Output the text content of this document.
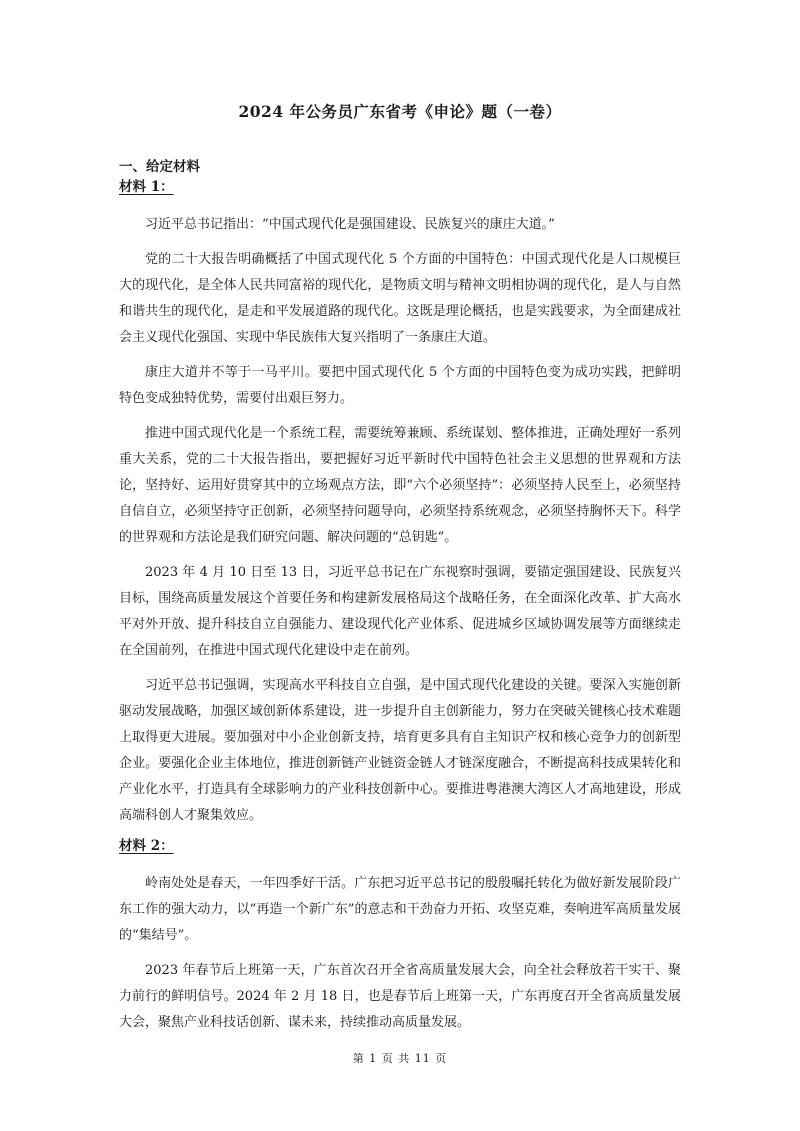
2024 年公务员广东省考《申论》题（一卷）

一、给定材料

材料 1：

习近平总书记指出：“中国式现代化是强国建设、民族复兴的康庄大道。”

党的二十大报告明确概括了中国式现代化 5 个方面的中国特色：中国式现代化是人口规模巨大的现代化，是全体人民共同富裕的现代化，是物质文明与精神文明相协调的现代化，是人与自然和谐共生的现代化，是走和平发展道路的现代化。这既是理论概括，也是实践要求，为全面建成社会主义现代化强国、实现中华民族伟大复兴指明了一条康庄大道。

康庄大道并不等于一马平川。要把中国式现代化 5 个方面的中国特色变为成功实践，把鲜明特色变成独特优势，需要付出艰巨努力。

推进中国式现代化是一个系统工程，需要统筹兼顾、系统谋划、整体推进，正确处理好一系列重大关系，党的二十大报告指出，要把握好习近平新时代中国特色社会主义思想的世界观和方法论，坚持好、运用好贯穿其中的立场观点方法，即“六个必须坚持”：必须坚持人民至上，必须坚持自信自立，必须坚持守正创新，必须坚持问题导向，必须坚持系统观念，必须坚持胸怀天下。科学的世界观和方法论是我们研究问题、解决问题的“总钥匙”。

2023 年 4 月 10 日至 13 日，习近平总书记在广东视察时强调，要锚定强国建设、民族复兴目标，围绕高质量发展这个首要任务和构建新发展格局这个战略任务，在全面深化改革、扩大高水平对外开放、提升科技自立自强能力、建设现代化产业体系、促进城乡区域协调发展等方面继续走在全国前列，在推进中国式现代化建设中走在前列。

习近平总书记强调，实现高水平科技自立自强，是中国式现代化建设的关键。要深入实施创新驱动发展战略，加强区域创新体系建设，进一步提升自主创新能力，努力在突破关键核心技术难题上取得更大进展。要加强对中小企业创新支持，培育更多具有自主知识产权和核心竞争力的创新型企业。要强化企业主体地位，推进创新链产业链资金链人才链深度融合，不断提高科技成果转化和产业化水平，打造具有全球影响力的产业科技创新中心。要推进粤港澳大湾区人才高地建设，形成高端科创人才聚集效应。

材料 2：

岭南处处是春天，一年四季好干活。广东把习近平总书记的殷殷嘱托转化为做好新发展阶段广东工作的强大动力，以“再造一个新广东”的意志和干劲奋力开拓、攻坚克难，奏响进军高质量发展的“集结号”。

2023 年春节后上班第一天，广东首次召开全省高质量发展大会，向全社会释放若干实干、聚力前行的鲜明信号。2024 年 2 月 18 日，也是春节后上班第一天，广东再度召开全省高质量发展大会，聚焦产业科技话创新、谋未来，持续推动高质量发展。

第 1 页 共 11 页
